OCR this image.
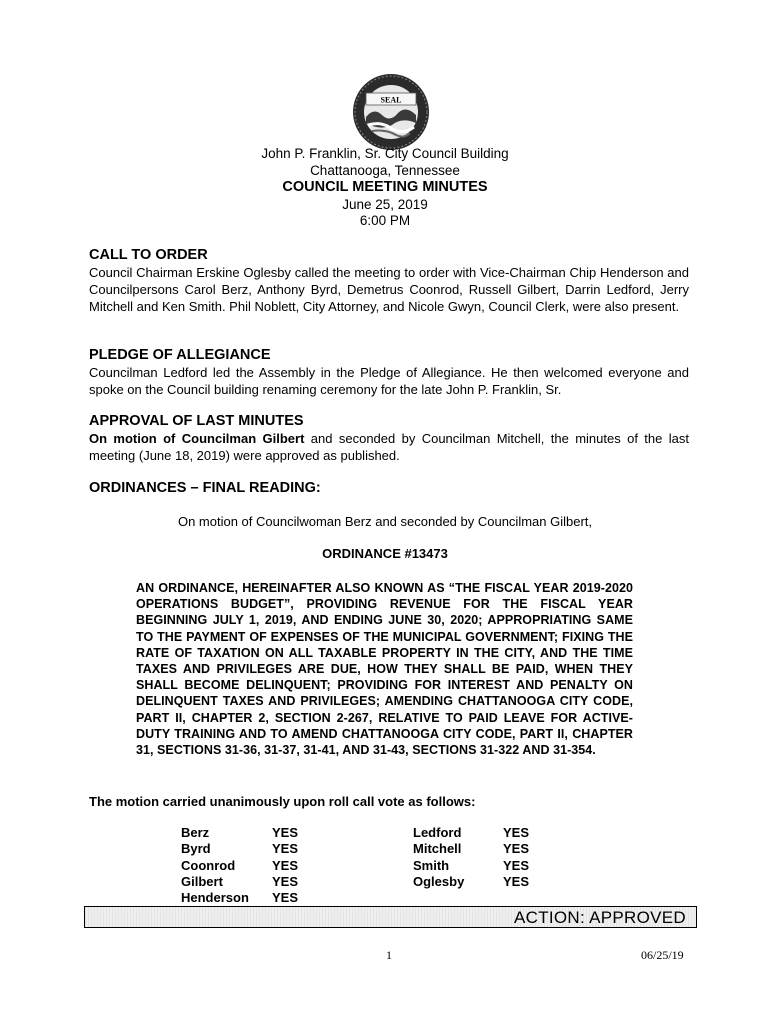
SEAL
John P. Franklin, Sr. City Council Building
Chattanooga, Tennessee
COUNCIL MEETING MINUTES
June 25, 2019
6:00 PM
CALL TO ORDER

Council Chairman Erskine Oglesby called the meeting to order with Vice-Chairman Chip Henderson and Councilpersons Carol Berz, Anthony Byrd, Demetrus Coonrod, Russell Gilbert, Darrin Ledford, Jerry Mitchell and Ken Smith. Phil Noblett, City Attorney, and Nicole Gwyn, Council Clerk, were also present.

PLEDGE OF ALLEGIANCE

Councilman Ledford led the Assembly in the Pledge of Allegiance. He then welcomed everyone and spoke on the Council building renaming ceremony for the late John P. Franklin, Sr.

APPROVAL OF LAST MINUTES

On motion of Councilman Gilbert and seconded by Councilman Mitchell, the minutes of the last meeting (June 18, 2019) were approved as published.

ORDINANCES – FINAL READING:
On motion of Councilwoman Berz and seconded by Councilman Gilbert,
ORDINANCE #13473

AN ORDINANCE, HEREINAFTER ALSO KNOWN AS “THE FISCAL YEAR 2019-2020 OPERATIONS BUDGET”, PROVIDING REVENUE FOR THE FISCAL YEAR BEGINNING JULY 1, 2019, AND ENDING JUNE 30, 2020; APPROPRIATING SAME TO THE PAYMENT OF EXPENSES OF THE MUNICIPAL GOVERNMENT; FIXING THE RATE OF TAXATION ON ALL TAXABLE PROPERTY IN THE CITY, AND THE TIME TAXES AND PRIVILEGES ARE DUE, HOW THEY SHALL BE PAID, WHEN THEY SHALL BECOME DELINQUENT; PROVIDING FOR INTEREST AND PENALTY ON DELINQUENT TAXES AND PRIVILEGES; AMENDING CHATTANOOGA CITY CODE, PART II, CHAPTER 2, SECTION 2-267, RELATIVE TO PAID LEAVE FOR ACTIVE-DUTY TRAINING AND TO AMEND CHATTANOOGA CITY CODE, PART II, CHAPTER 31, SECTIONS 31-36, 31-37, 31-41, AND 31-43, SECTIONS 31-322 AND 31-354.

The motion carried unanimously upon roll call vote as follows:
Berz	YES
Byrd	YES
Coonrod	YES
Gilbert	YES
Henderson YES
Ledford	YES
Mitchell	YES
Smith	YES
Oglesby	YES
ACTION: APPROVED
1	06/25/19
